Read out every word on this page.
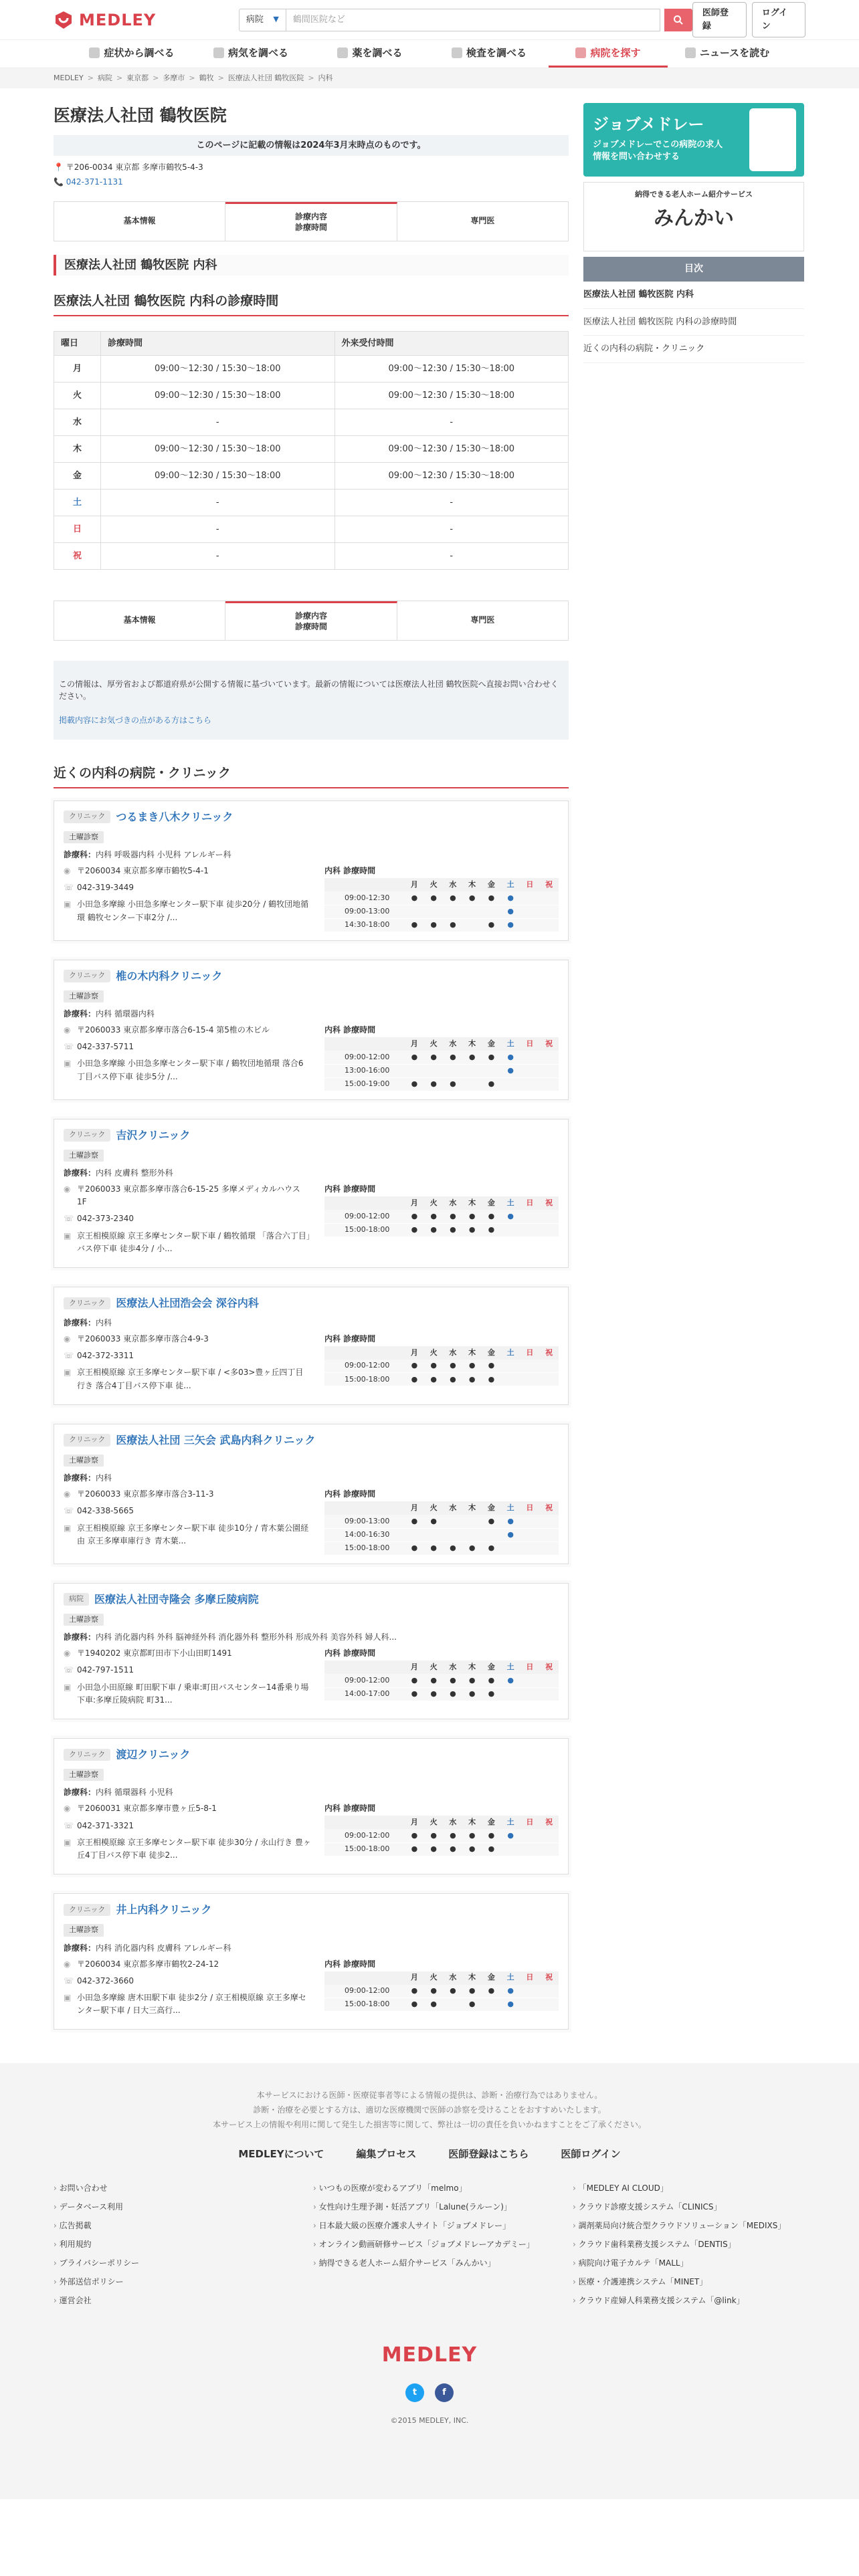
MEDLEY	病院 ▼	鶴間医院など
医師登録
ログイン
症状から調べる	病気を調べる	薬を調べる	検査を調べる	病院を探す	ニュースを読む
MEDLEY > 病院 > 東京都 > 多摩市 > 鶴牧 > 医療法人社団 鶴牧医院 > 内科
医療法人社団 鶴牧医院
このページに記載の情報は2024年3月末時点のものです。
📍 〒206-0034 東京都 多摩市鶴牧5-4-3
📞 042-371-1131
基本情報	診療内容
診療時間
専門医
医療法人社団 鶴牧医院 内科
医療法人社団 鶴牧医院 内科の診療時間
曜日	診療時間	外来受付時間
月	09:00〜12:30 / 15:30〜18:00	09:00〜12:30 / 15:30〜18:00
火	09:00〜12:30 / 15:30〜18:00	09:00〜12:30 / 15:30〜18:00
水	-	-
木	09:00〜12:30 / 15:30〜18:00	09:00〜12:30 / 15:30〜18:00
金	09:00〜12:30 / 15:30〜18:00	09:00〜12:30 / 15:30〜18:00
土	-	-
日	-	-
祝	-	-
基本情報	診療内容
診療時間
専門医
この情報は、厚労省および都道府県が公開する情報に基づいています。最新の情報については医療法人社団 鶴牧医院へ直接お問い合わせください。
掲載内容にお気づきの点がある方はこちら
近くの内科の病院・クリニック
クリニック	つるまき八木クリニック
土曜診察
診療科：内科 呼吸器内科 小児科 アレルギー科
◉ 〒2060034 東京都多摩市鶴牧5-4-1
☏ 042-319-3449
▣ 小田急多摩線 小田急多摩センター駅下車 徒歩20分 / 鶴牧団地循環 鶴牧センター下車2分 /...
内科 診療時間
	月	火	水	木	金	土	日	祝
09:00-12:30	●	●	●	●	●	●		
09:00-13:00						●		
14:30-18:00	●	●	●		●	●		
クリニック	椎の木内科クリニック
土曜診察
診療科：内科 循環器内科
◉ 〒2060033 東京都多摩市落合6-15-4 第5椎の木ビル
☏ 042-337-5711
▣ 小田急多摩線 小田急多摩センター駅下車 / 鶴牧団地循環 落合6丁目バス停下車 徒歩5分 /...
内科 診療時間
	月	火	水	木	金	土	日	祝
09:00-12:00	●	●	●	●	●	●		
13:00-16:00						●		
15:00-19:00	●	●	●		●			
クリニック	吉沢クリニック
土曜診察
診療科：内科 皮膚科 整形外科
◉ 〒2060033 東京都多摩市落合6-15-25 多摩メディカルハウス 1F
☏ 042-373-2340
▣ 京王相模原線 京王多摩センター駅下車 / 鶴牧循環 「落合六丁目」バス停下車 徒歩4分 / 小...
内科 診療時間
	月	火	水	木	金	土	日	祝
09:00-12:00	●	●	●	●	●	●		
15:00-18:00	●	●	●	●	●			
クリニック	医療法人社団浩会会 深谷内科
診療科：内科
◉ 〒2060033 東京都多摩市落合4-9-3
☏ 042-372-3311
▣ 京王相模原線 京王多摩センター駅下車 / <多03>豊ヶ丘四丁目行き 落合4丁目バス停下車 徒...
内科 診療時間
	月	火	水	木	金	土	日	祝
09:00-12:00	●	●	●	●	●			
15:00-18:00	●	●	●	●	●			
クリニック	医療法人社団 三矢会 武島内科クリニック
土曜診察
診療科：内科
◉ 〒2060033 東京都多摩市落合3-11-3
☏ 042-338-5665
▣ 京王相模原線 京王多摩センター駅下車 徒歩10分 / 青木葉公園経由 京王多摩車庫行き 青木葉...
内科 診療時間
	月	火	水	木	金	土	日	祝
09:00-13:00	●	●			●	●		
14:00-16:30						●		
15:00-18:00	●	●	●	●	●			
病院	医療法人社団寺隆会 多摩丘陵病院
土曜診察
診療科：内科 消化器内科 外科 脳神経外科 消化器外科 整形外科 形成外科 美容外科 婦人科...
◉ 〒1940202 東京都町田市下小山田町1491
☏ 042-797-1511
▣ 小田急小田原線 町田駅下車 / 乗車:町田バスセンター14番乗り場 下車:多摩丘陵病院 町31...
内科 診療時間
	月	火	水	木	金	土	日	祝
09:00-12:00	●	●	●	●	●	●		
14:00-17:00	●	●	●	●	●			
クリニック	渡辺クリニック
土曜診察
診療科：内科 循環器科 小児科
◉ 〒2060031 東京都多摩市豊ヶ丘5-8-1
☏ 042-371-3321
▣ 京王相模原線 京王多摩センター駅下車 徒歩30分 / 永山行き 豊ヶ丘4丁目バス停下車 徒歩2...
内科 診療時間
	月	火	水	木	金	土	日	祝
09:00-12:00	●	●	●	●	●	●		
15:00-18:00	●	●	●	●	●			
クリニック	井上内科クリニック
土曜診察
診療科：内科 消化器内科 皮膚科 アレルギー科
◉ 〒2060034 東京都多摩市鶴牧2-24-12
☏ 042-372-3660
▣ 小田急多摩線 唐木田駅下車 徒歩2分 / 京王相模原線 京王多摩センター駅下車 / 日大三高行...
内科 診療時間
	月	火	水	木	金	土	日	祝
09:00-12:00	●	●	●	●	●	●		
15:00-18:00	●	●		●		●		
ジョブメドレー
ジョブメドレーでこの病院の求人情報を問い合わせする
納得できる老人ホーム紹介サービス
みんかい
目次
医療法人社団 鶴牧医院 内科
医療法人社団 鶴牧医院 内科の診療時間
近くの内科の病院・クリニック
本サービスにおける医師・医療従事者等による情報の提供は、診断・治療行為ではありません。
診断・治療を必要とする方は、適切な医療機関で医師の診察を受けることをおすすめいたします。
本サービス上の情報や利用に関して発生した損害等に関して、弊社は一切の責任を負いかねますことをご了承ください。
MEDLEYについて	編集プロセス	医師登録はこちら	医師ログイン
› お問い合わせ
› データベース利用
› 広告掲載
› 利用規約
› プライバシーポリシー
› 外部送信ポリシー
› 運営会社
› いつもの医療が変わるアプリ「melmo」
› 女性向け生理予測・妊活アプリ「Lalune(ラルーン)」
› 日本最大級の医療介護求人サイト「ジョブメドレー」
› オンライン動画研修サービス「ジョブメドレーアカデミー」
› 納得できる老人ホーム紹介サービス「みんかい」
› 「MEDLEY AI CLOUD」
› クラウド診療支援システム「CLINICS」
› 調剤薬局向け統合型クラウドソリューション「MEDIXS」
› クラウド歯科業務支援システム「DENTIS」
› 病院向け電子カルテ「MALL」
› 医療・介護連携システム「MINET」
› クラウド産婦人科業務支援システム「@link」
MEDLEY
t	f
©2015 MEDLEY, INC.
